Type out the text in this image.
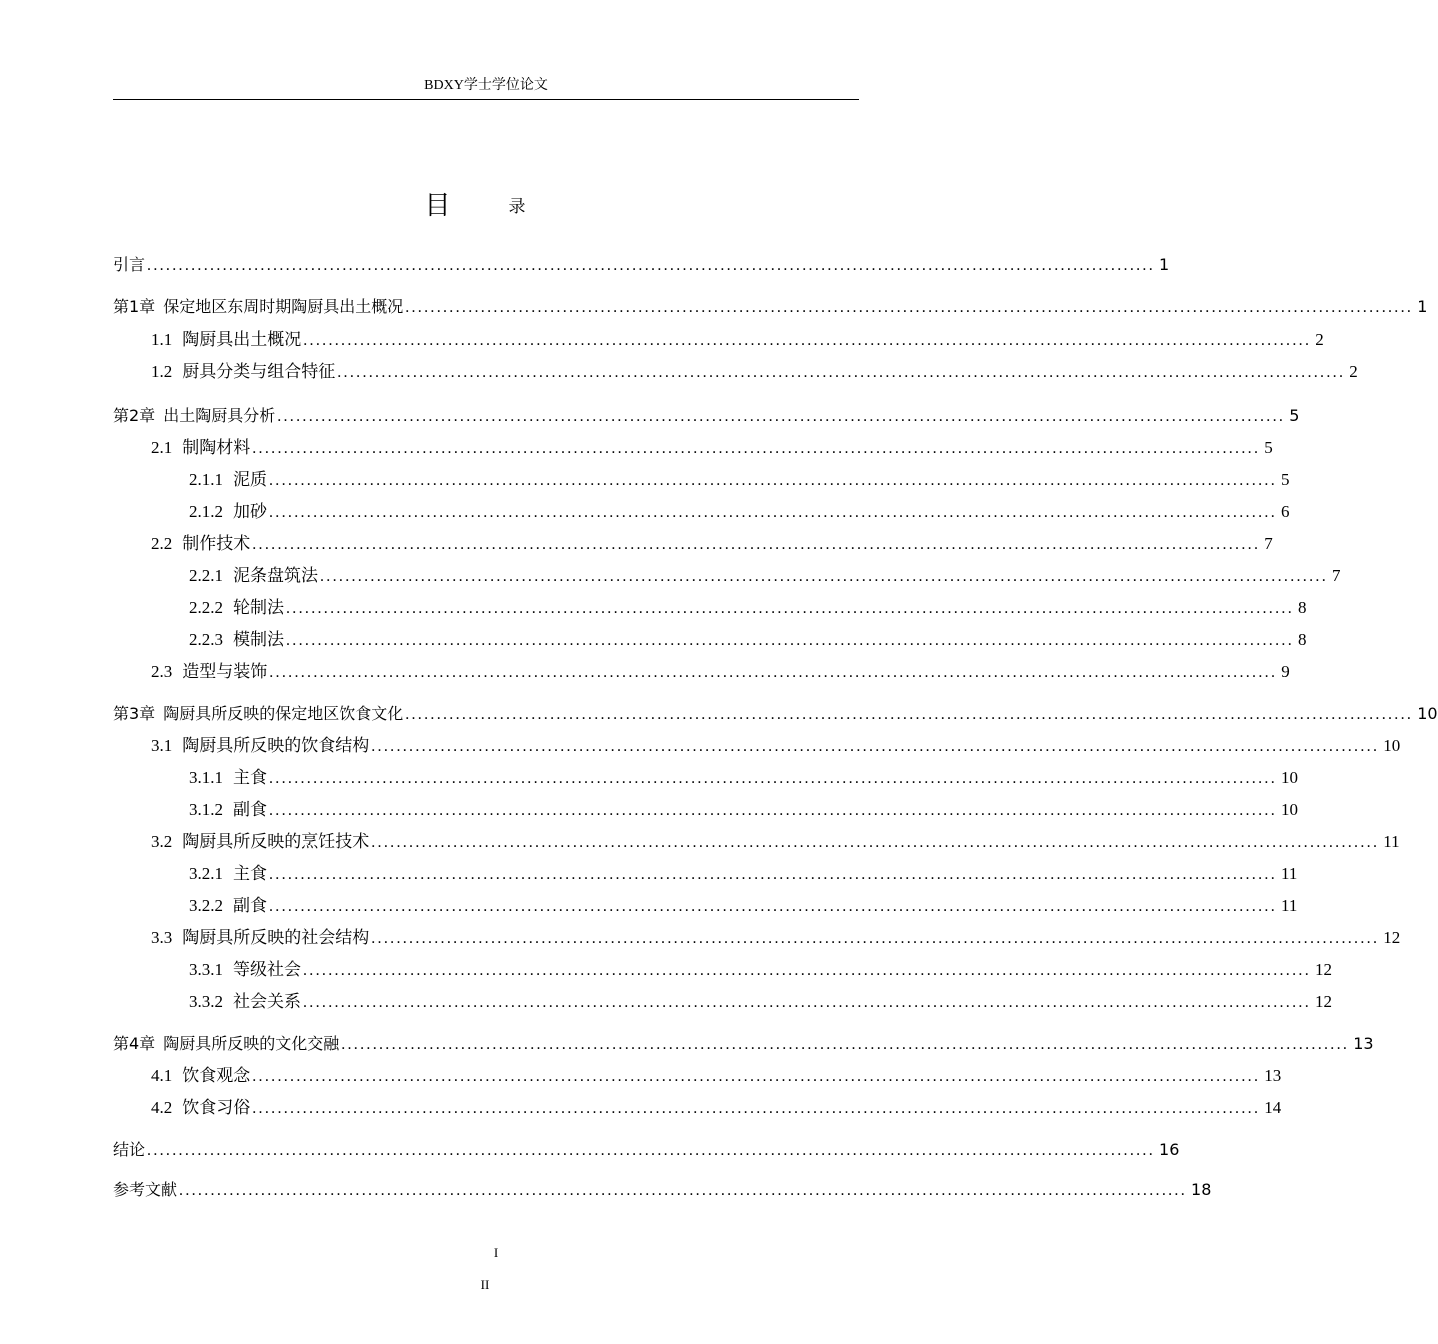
BDXY学士学位论文
目	录
引言 ................................................................................................................................................................ 1
第1章 保定地区东周时期陶厨具出土概况 ................................................................................................................................................................ 1
1.1 陶厨具出土概况 ................................................................................................................................................................ 2
1.2 厨具分类与组合特征 ................................................................................................................................................................ 2
第2章 出土陶厨具分析 ................................................................................................................................................................ 5
2.1 制陶材料 ................................................................................................................................................................ 5
2.1.1 泥质 ................................................................................................................................................................ 5
2.1.2 加砂 ................................................................................................................................................................ 6
2.2 制作技术 ................................................................................................................................................................ 7
2.2.1 泥条盘筑法 ................................................................................................................................................................ 7
2.2.2 轮制法 ................................................................................................................................................................ 8
2.2.3 模制法 ................................................................................................................................................................ 8
2.3 造型与装饰 ................................................................................................................................................................ 9
第3章 陶厨具所反映的保定地区饮食文化 ................................................................................................................................................................ 10
3.1 陶厨具所反映的饮食结构 ................................................................................................................................................................ 10
3.1.1 主食 ................................................................................................................................................................ 10
3.1.2 副食 ................................................................................................................................................................ 10
3.2 陶厨具所反映的烹饪技术 ................................................................................................................................................................ 11
3.2.1 主食 ................................................................................................................................................................ 11
3.2.2 副食 ................................................................................................................................................................ 11
3.3 陶厨具所反映的社会结构 ................................................................................................................................................................ 12
3.3.1 等级社会 ................................................................................................................................................................ 12
3.3.2 社会关系 ................................................................................................................................................................ 12
第4章 陶厨具所反映的文化交融 ................................................................................................................................................................ 13
4.1 饮食观念 ................................................................................................................................................................ 13
4.2 饮食习俗 ................................................................................................................................................................ 14
结论 ................................................................................................................................................................ 16
参考文献 ................................................................................................................................................................ 18
I
II
